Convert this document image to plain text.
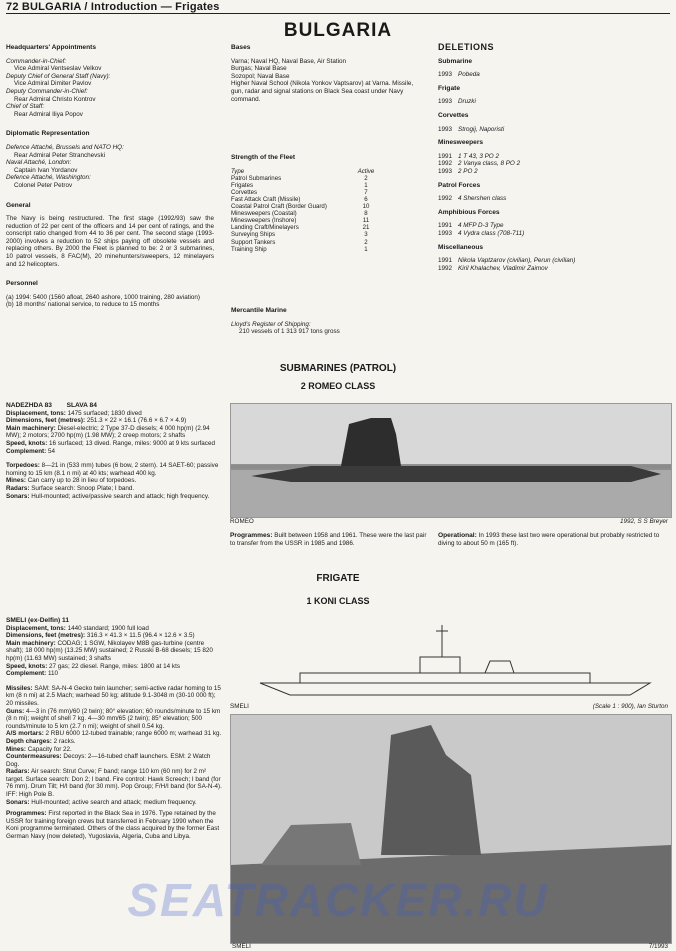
72 BULGARIA / Introduction — Frigates
BULGARIA

Headquarters' Appointments

Commander-in-Chief:

Vice Admiral Ventseslav Velkov

Deputy Chief of General Staff (Navy):

Vice Admiral Dimiter Pavlov

Deputy Commander-in-Chief:

Rear Admiral Christo Kontrov

Chief of Staff:

Rear Admiral Iliya Popov

Diplomatic Representation

Defence Attaché, Brussels and NATO HQ:

Rear Admiral Peter Stranchevski

Naval Attaché, London:

Captain Ivan Yordanov

Defence Attaché, Washington:

Colonel Peter Petrov

General

The Navy is being restructured. The first stage (1992/93) saw the reduction of 22 per cent of the officers and 14 per cent of ratings, and the conscript ratio changed from 44 to 36 per cent. The second stage (1993-2000) involves a reduction to 52 ships paying off obsolete vessels and replacing others. By 2000 the Fleet is planned to be: 2 or 3 submarines, 10 patrol vessels, 8 FAC(M), 20 minehunters/sweepers, 12 minelayers and 12 helicopters.

Personnel

(a) 1994: 5400 (1560 afloat, 2640 ashore, 1000 training, 280 aviation)

(b) 18 months' national service, to reduce to 15 months

Bases

Varna; Naval HQ, Naval Base, Air Station
Burgas; Naval Base
Sozopol; Naval Base
Higher Naval School (Nikola Yonkov Vaptsarov) at Varna. Missile, gun, radar and signal stations on Black Sea coast under Navy command.

Strength of the Fleet

Type	Active
Patrol Submarines	2
Frigates	1
Corvettes	7
Fast Attack Craft (Missile)	6
Coastal Patrol Craft (Border Guard)	10
Minesweepers (Coastal)	8
Minesweepers (Inshore)	11
Landing Craft/Minelayers	21
Surveying Ships	3
Support Tankers	2
Training Ship	1

Mercantile Marine

Lloyd's Register of Shipping:

210 vessels of 1 313 917 tons gross

DELETIONS

Submarine

1993 Pobeda

Frigate

1993 Druzki

Corvettes

1993 Strogij, Naporisti

Minesweepers

1991 1 T 43, 3 PO 2

1992 2 Vanya class, 8 PO 2

1993 2 PO 2

Patrol Forces

1992 4 Shershen class

Amphibious Forces

1991 4 MFP D-3 Type

1993 4 Vydra class (708-711)

Miscellaneous

1991 Nikola Vaptzarov (civilian), Perun (civilian)

1992 Kiril Khalachev, Vladimir Zaimov

SUBMARINES (PATROL)
2 ROMEO CLASS

NADEZHDA 83        SLAVA 84

Displacement, tons: 1475 surfaced; 1830 dived

Dimensions, feet (metres): 251.3 × 22 × 16.1 (76.6 × 6.7 × 4.9)

Main machinery: Diesel-electric; 2 Type 37-D diesels; 4 000 hp(m) (2.94 MW); 2 motors; 2700 hp(m) (1.98 MW); 2 creep motors; 2 shafts

Speed, knots: 16 surfaced; 13 dived. Range, miles: 9000 at 9 kts surfaced

Complement: 54

Torpedoes: 8—21 in (533 mm) tubes (6 bow, 2 stern). 14 SAET-60; passive homing to 15 km (8.1 n mi) at 40 kts; warhead 400 kg.

Mines: Can carry up to 28 in lieu of torpedoes.

Radars: Surface search: Snoop Plate; I band.

Sonars: Hull-mounted; active/passive search and attack; high frequency.

ROMEO	1992, S S Breyer
Programmes: Built between 1958 and 1961. These were the last pair to transfer from the USSR in 1985 and 1986.
Operational: In 1993 these last two were operational but probably restricted to diving to about 50 m (165 ft).
FRIGATE
1 KONI CLASS

SMELI (ex-Delfin) 11

Displacement, tons: 1440 standard; 1900 full load

Dimensions, feet (metres): 316.3 × 41.3 × 11.5 (96.4 × 12.6 × 3.5)

Main machinery: CODAG; 1 SGW, Nikolayev M8B gas-turbine (centre shaft); 18 000 hp(m) (13.25 MW) sustained; 2 Russki B-68 diesels; 15 820 hp(m) (11.63 MW) sustained; 3 shafts

Speed, knots: 27 gas; 22 diesel. Range, miles: 1800 at 14 kts

Complement: 110

Missiles: SAM: SA-N-4 Gecko twin launcher; semi-active radar homing to 15 km (8 n mi) at 2.5 Mach; warhead 50 kg; altitude 9.1-3048 m (30-10 000 ft); 20 missiles.

Guns: 4—3 in (76 mm)/60 (2 twin); 80° elevation; 60 rounds/minute to 15 km (8 n mi); weight of shell 7 kg. 4—30 mm/65 (2 twin); 85° elevation; 500 rounds/minute to 5 km (2.7 n mi); weight of shell 0.54 kg.

A/S mortars: 2 RBU 6000 12-tubed trainable; range 6000 m; warhead 31 kg.

Depth charges: 2 racks.

Mines: Capacity for 22.

Countermeasures: Decoys: 2—16-tubed chaff launchers. ESM: 2 Watch Dog.

Radars: Air search: Strut Curve; F band; range 110 km (60 nm) for 2 m² target. Surface search: Don 2; I band. Fire control: Hawk Screech; I band (for 76 mm). Drum Tilt; H/I band (for 30 mm). Pop Group; F/H/I band (for SA-N-4). IFF: High Pole B.

Sonars: Hull-mounted; active search and attack; medium frequency.

Programmes: First reported in the Black Sea in 1976. Type retained by the USSR for training foreign crews but transferred in February 1990 when the Koni programme terminated. Others of the class acquired by the former East German Navy (now deleted), Yugoslavia, Algeria, Cuba and Libya.

SMELI	(Scale 1 : 900), Ian Sturton
SMELI	7/1993
SEATRACKER.RU
